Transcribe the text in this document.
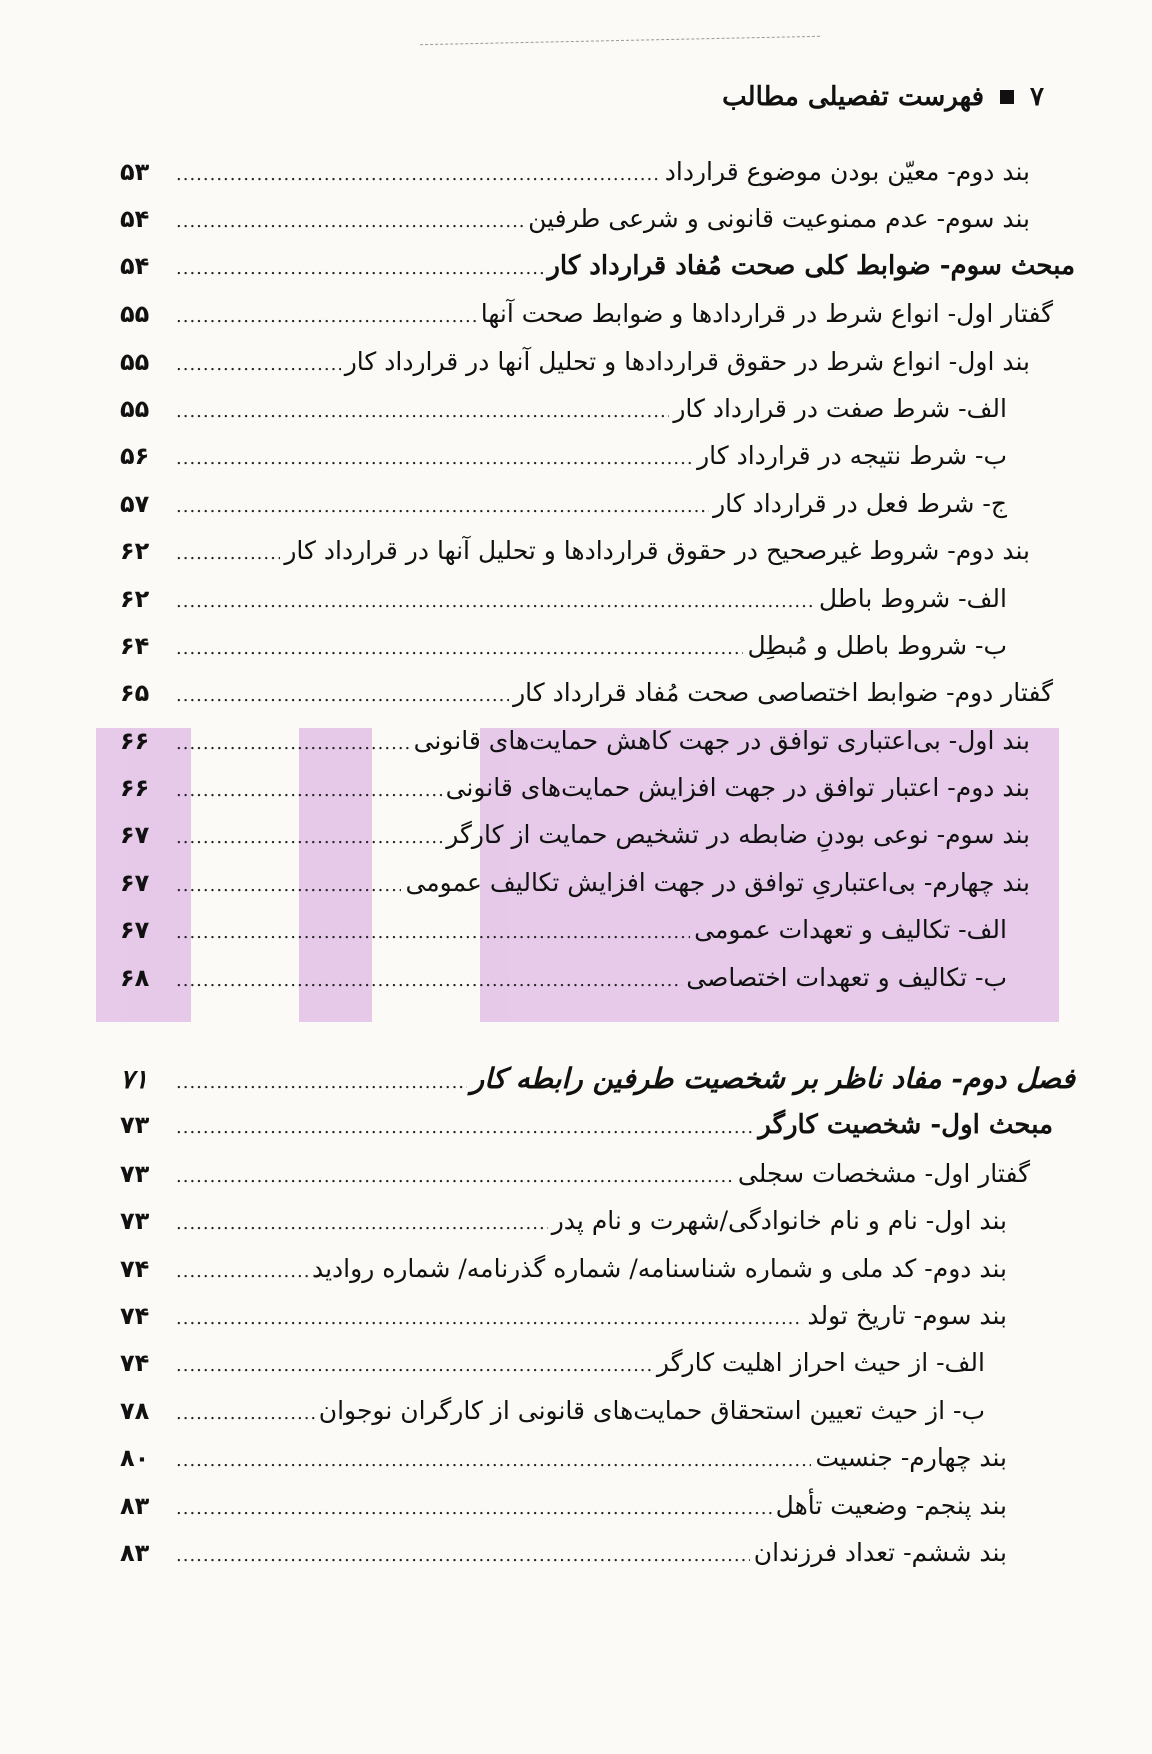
فهرست تفصیلی مطالب ۷
۵۳ .....	بند دوم- معیّن بودن موضوع قرارداد
۵۴ .....	بند سوم- عدم ممنوعیت قانونی و شرعی طرفین
۵۴ .....	مبحث سوم- ضوابط کلی صحت مُفاد قرارداد کار
۵۵ .....	گفتار اول- انواع شرط در قراردادها و ضوابط صحت آنها
۵۵ .....	بند اول- انواع شرط در حقوق قراردادها و تحلیل آنها در قرارداد کار
۵۵ .....	الف- شرط صفت در قرارداد کار
۵۶ .....	ب- شرط نتیجه در قرارداد کار
۵۷ .....	ج- شرط فعل در قرارداد کار
۶۲ .....	بند دوم- شروط غیرصحیح در حقوق قراردادها و تحلیل آنها در قرارداد کار
۶۲ .....	الف- شروط باطل
۶۴ .....	ب- شروط باطل و مُبطِل
۶۵ .....	گفتار دوم- ضوابط اختصاصی صحت مُفاد قرارداد کار
۶۶ .....	بند اول- بی‌اعتباری توافق در جهت کاهش حمایت‌های قانونی
۶۶ .....	بند دوم- اعتبار توافق در جهت افزایش حمایت‌های قانونی
۶۷ .....	بند سوم- نوعی بودنِ ضابطه در تشخیص حمایت از کارگر
۶۷ .....	بند چهارم- بی‌اعتباریِ توافق در جهت افزایش تکالیف عمومی
۶۷ .....	الف- تکالیف و تعهدات عمومی
۶۸ .....	ب- تکالیف و تعهدات اختصاصی
۷۱ .....	فصل دوم- مفاد ناظر بر شخصیت طرفین رابطه کار
۷۳ .....	مبحث اول- شخصیت کارگر
۷۳ .....	گفتار اول- مشخصات سجلی
۷۳ .....	بند اول- نام و نام خانوادگی/شهرت و نام پدر
۷۴ .....	بند دوم- کد ملی و شماره شناسنامه/ شماره گذرنامه/ شماره روادید
۷۴ .....	بند سوم- تاریخ تولد
۷۴ .....	الف- از حیث احراز اهلیت کارگر
۷۸ .....	ب- از حیث تعیین استحقاق حمایت‌های قانونی از کارگران نوجوان
۸۰ .....	بند چهارم- جنسیت
۸۳ .....	بند پنجم- وضعیت تأهل
۸۳ .....	بند ششم- تعداد فرزندان
